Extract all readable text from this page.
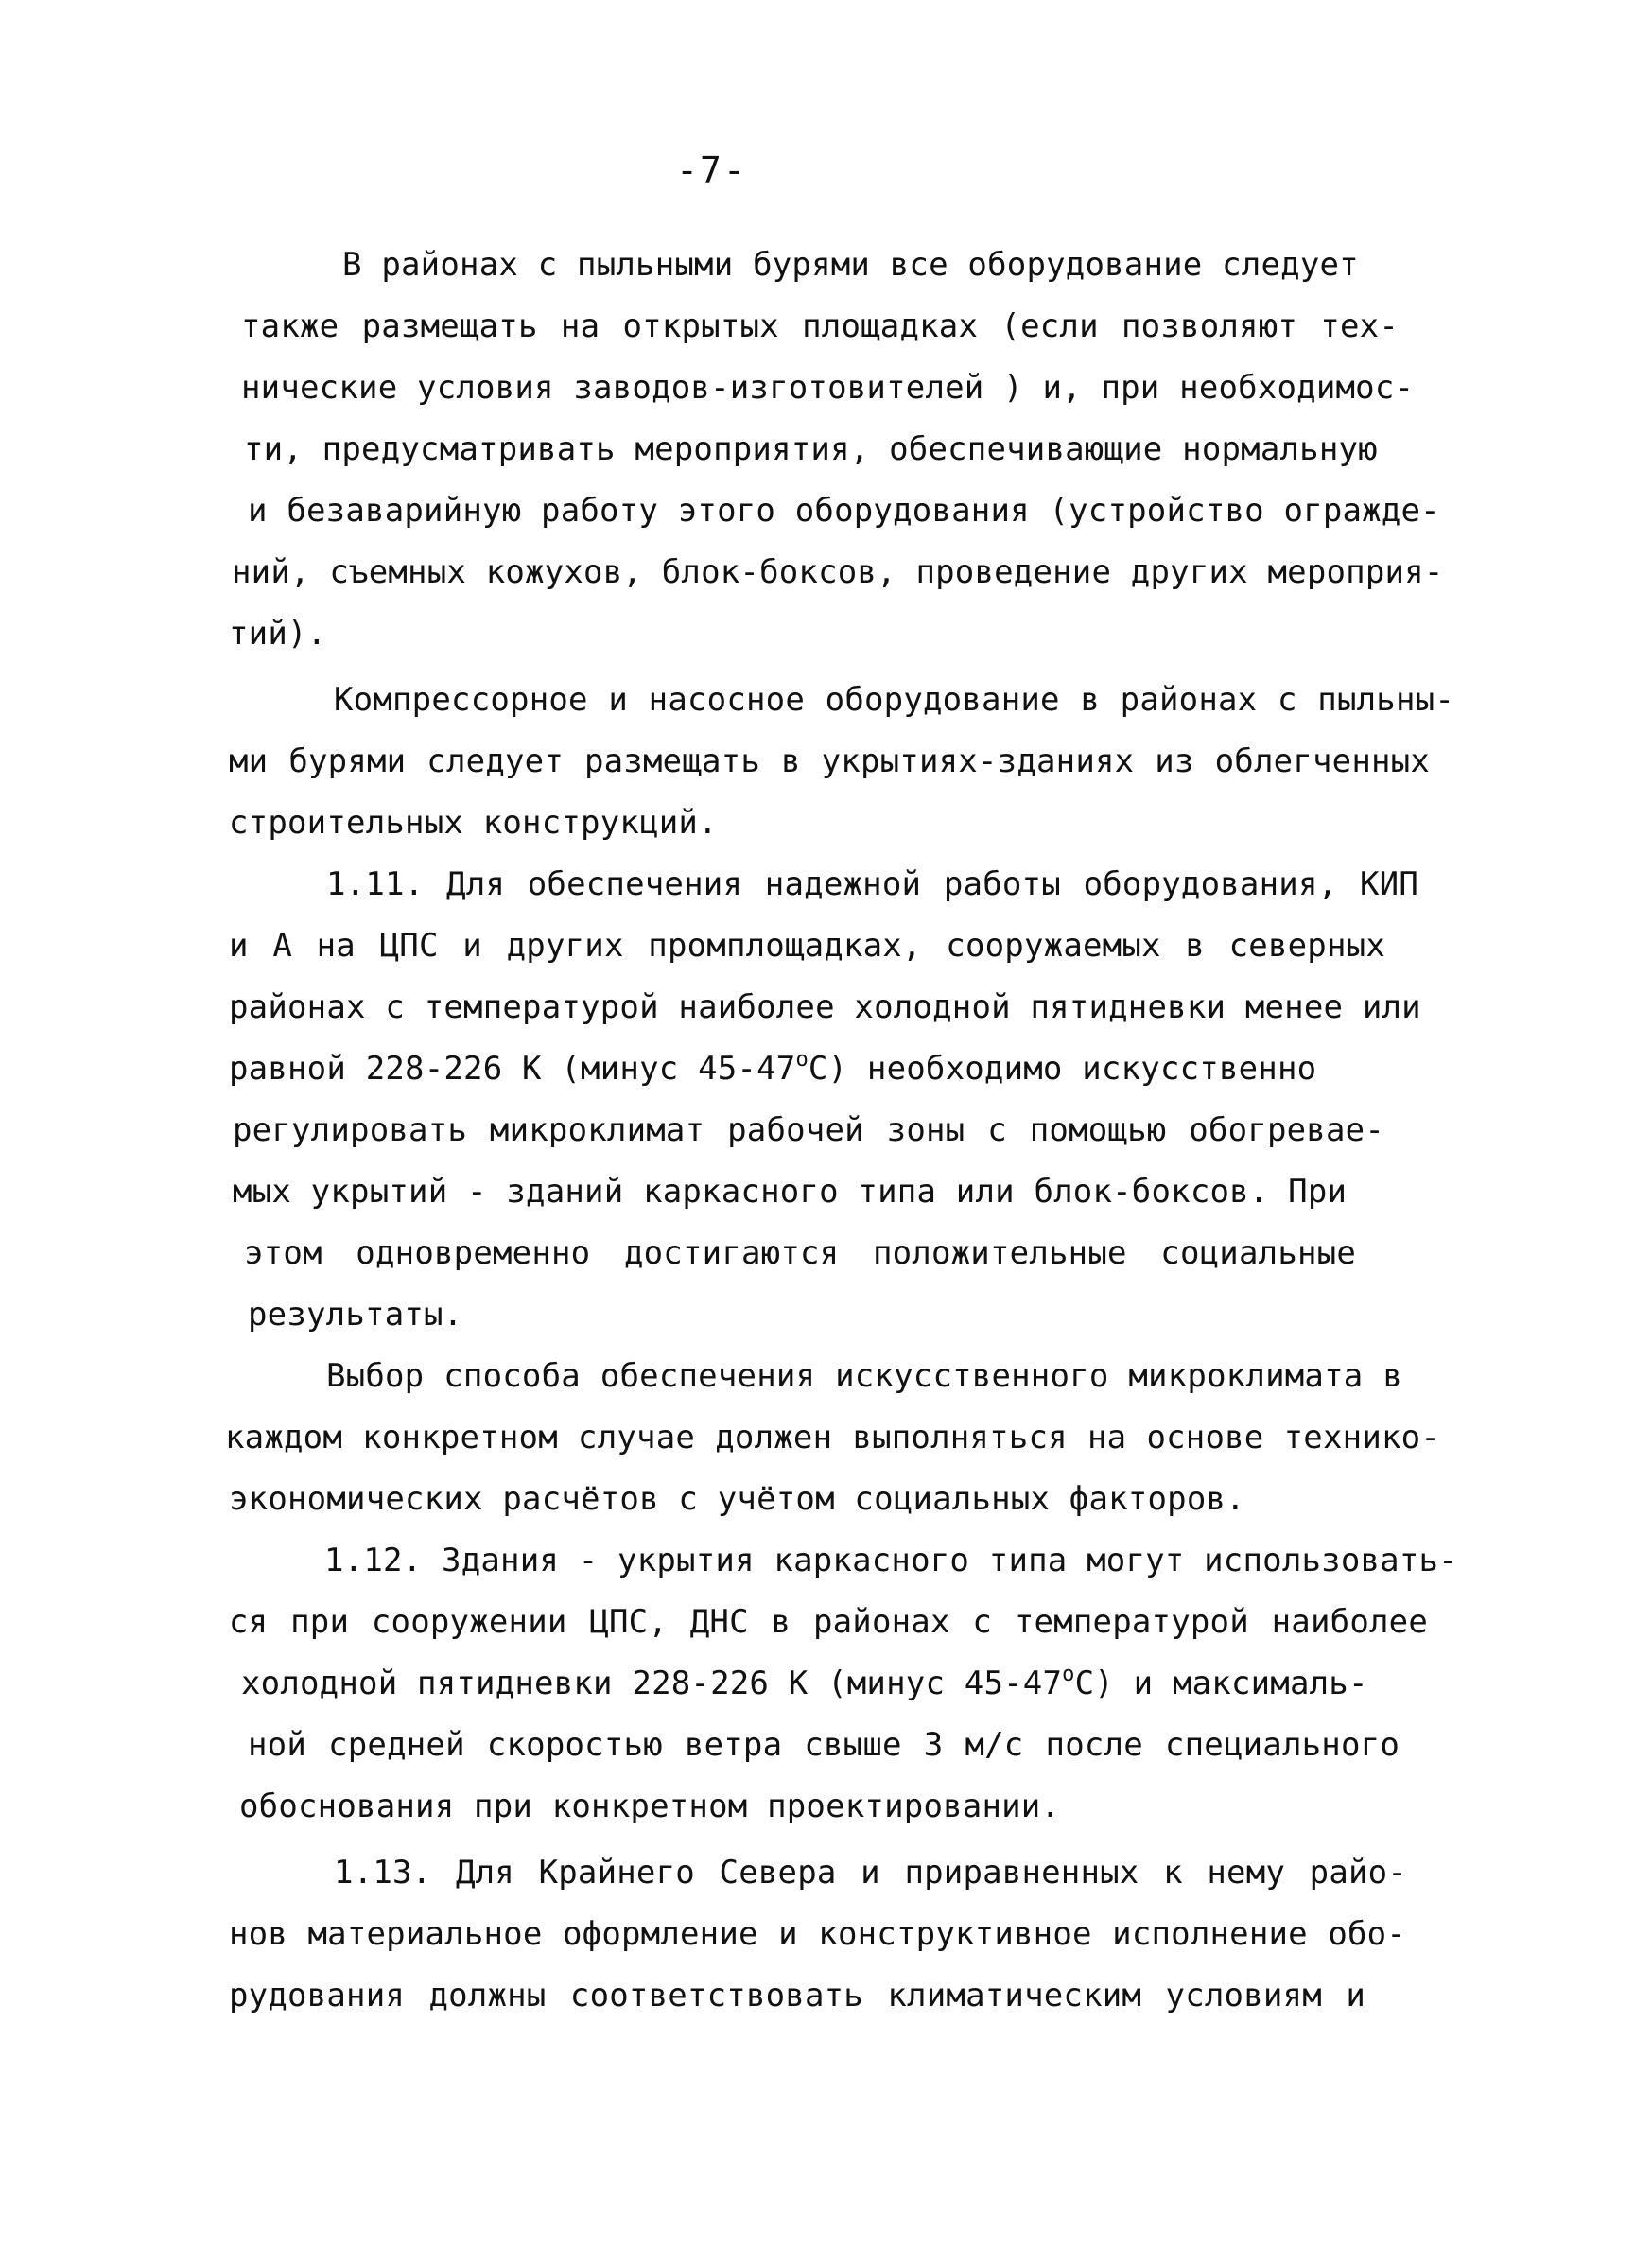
-7-
В районах с пыльными бурями все оборудование следует
также размещать на открытых площадках (если позволяют тех-
нические условия заводов-изготовителей ) и, при необходимос-
ти, предусматривать мероприятия, обеспечивающие нормальную
и безаварийную работу этого оборудования (устройство огражде-
ний, съемных кожухов, блок-боксов, проведение других мероприя-
тий).
Компрессорное и насосное оборудование в районах с пыльны-
ми бурями следует размещать в укрытиях-зданиях из облегченных
строительных конструкций.
1.11. Для обеспечения надежной работы оборудования, КИП
и А на ЦПС и других промплощадках, сооружаемых в северных
районах с температурой наиболее холодной пятидневки менее или
равной 228-226 К (минус 45-47$^o$С) необходимо искусственно
регулировать микроклимат рабочей зоны с помощью обогревае-
мых укрытий - зданий каркасного типа или блок-боксов. При
этом одновременно достигаются положительные социальные
результаты.
Выбор способа обеспечения искусственного микроклимата в
каждом конкретном случае должен выполняться на основе технико-
экономических расчётов с учётом социальных факторов.
1.12. Здания - укрытия каркасного типа могут использовать-
ся при сооружении ЦПС, ДНС в районах с температурой наиболее
холодной пятидневки 228-226 К (минус 45-47$^o$С) и максималь-
ной средней скоростью ветра свыше 3 м/с после специального
обоснования при конкретном проектировании.
1.13. Для Крайнего Севера и приравненных к нему райо-
нов материальное оформление и конструктивное исполнение обо-
рудования должны соответствовать климатическим условиям и
